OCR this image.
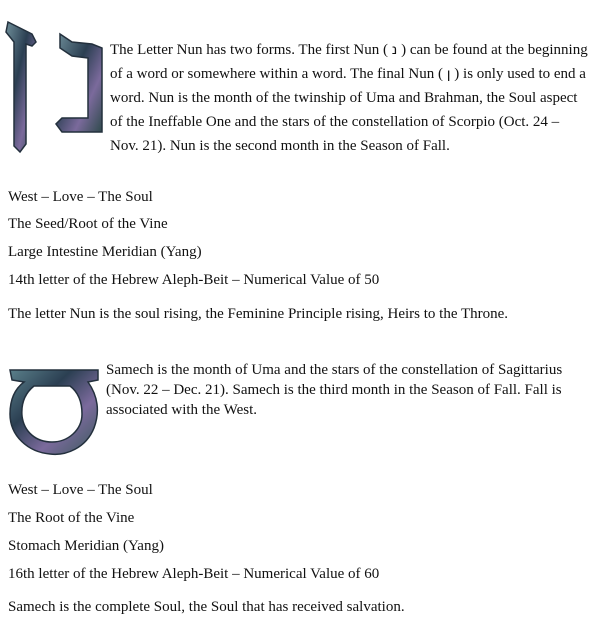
The Letter Nun has two forms. The first Nun ( נ ) can be found at the beginning of a word or somewhere within a word. The final Nun ( ן ) is only used to end a word. Nun is the month of the twinship of Uma and Brahman, the Soul aspect of the Ineffable One and the stars of the constellation of Scorpio (Oct. 24 – Nov. 21). Nun is the second month in the Season of Fall.

West – Love – The Soul
The Seed/Root of the Vine
Large Intestine Meridian (Yang)
14th letter of the Hebrew Aleph-Beit – Numerical Value of 50
The letter Nun is the soul rising, the Feminine Principle rising, Heirs to the Throne.

Samech is the month of Uma and the stars of the constellation of Sagittarius (Nov. 22 – Dec. 21). Samech is the third month in the Season of Fall. Fall is associated with the West.

West – Love – The Soul
The Root of the Vine
Stomach Meridian (Yang)
16th letter of the Hebrew Aleph-Beit – Numerical Value of 60
Samech is the complete Soul, the Soul that has received salvation.
